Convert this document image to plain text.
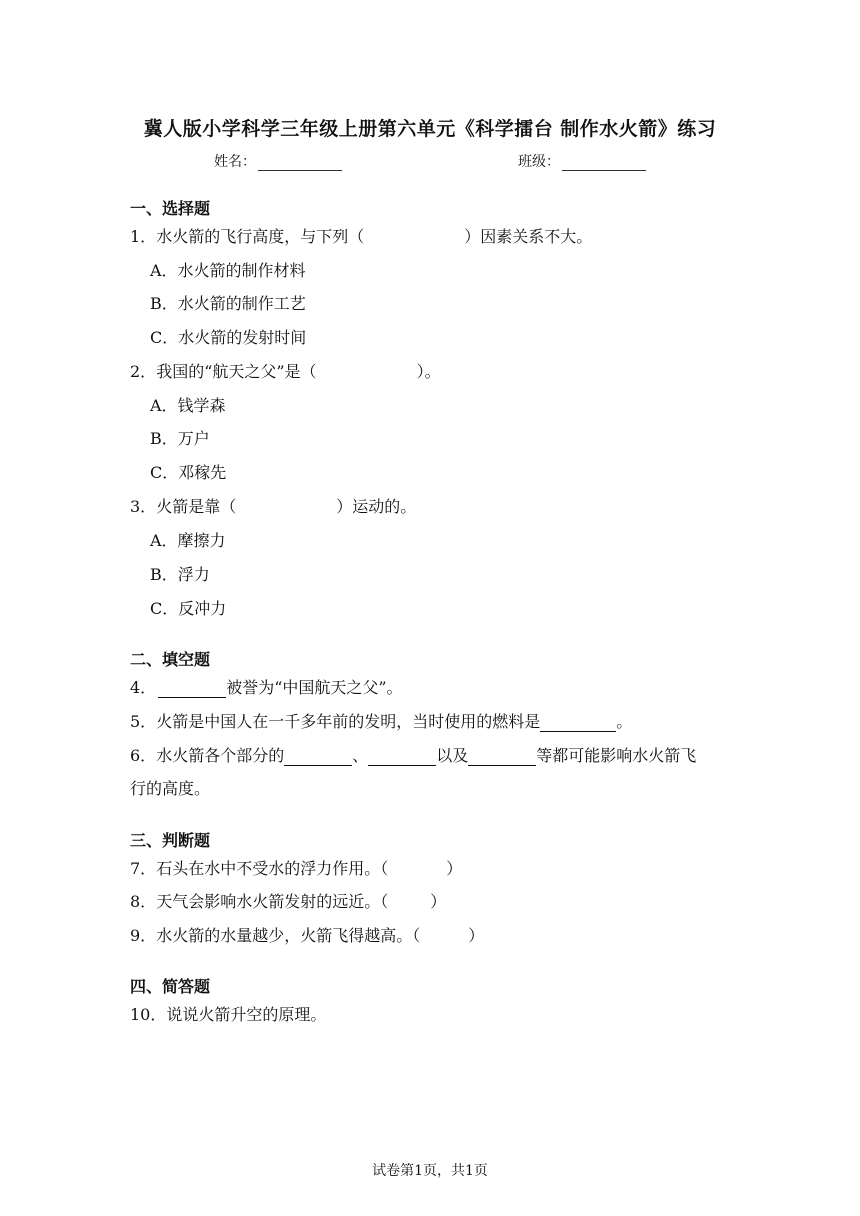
冀人版小学科学三年级上册第六单元《科学擂台 制作水火箭》练习
姓名：	班级：
一、选择题
1．水火箭的飞行高度，与下列（	）因素关系不大。
A．水火箭的制作材料
B．水火箭的制作工艺
C．水火箭的发射时间
2．我国的“航天之父”是（	）。
A．钱学森
B．万户
C．邓稼先
3．火箭是靠（	）运动的。
A．摩擦力
B．浮力
C．反冲力
二、填空题
4．	被誉为“中国航天之父”。
5．火箭是中国人在一千多年前的发明，当时使用的燃料是	。
6．水火箭各个部分的	、	以及	等都可能影响水火箭飞
行的高度。
三、判断题
7．石头在水中不受水的浮力作用。（	）
8．天气会影响水火箭发射的远近。（	）
9．水火箭的水量越少，火箭飞得越高。（	）
四、简答题
10．说说火箭升空的原理。
试卷第1页，共1页
